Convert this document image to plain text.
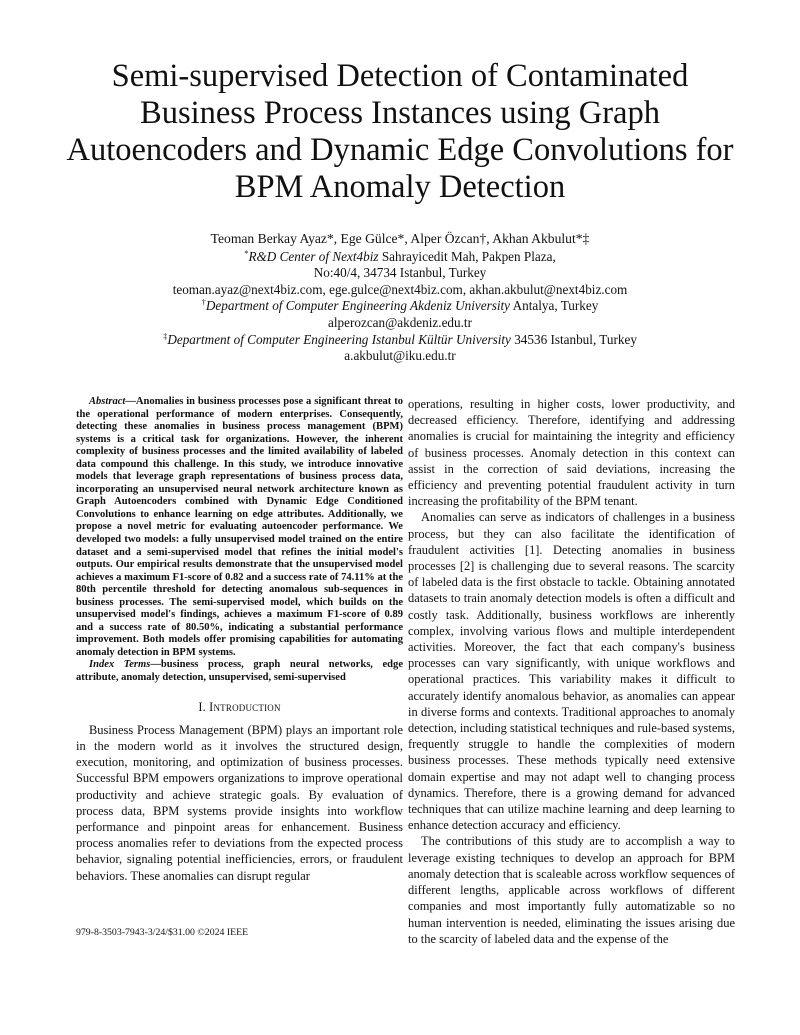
Semi-supervised Detection of Contaminated Business Process Instances using Graph Autoencoders and Dynamic Edge Convolutions for BPM Anomaly Detection
Teoman Berkay Ayaz*, Ege Gülce*, Alper Özcan†, Akhan Akbulut*‡
*R&D Center of Next4biz Sahrayicedit Mah, Pakpen Plaza,
No:40/4, 34734 Istanbul, Turkey
teoman.ayaz@next4biz.com, ege.gulce@next4biz.com, akhan.akbulut@next4biz.com
†Department of Computer Engineering Akdeniz University Antalya, Turkey
alperozcan@akdeniz.edu.tr
‡Department of Computer Engineering Istanbul Kültür University 34536 Istanbul, Turkey
a.akbulut@iku.edu.tr

Abstract—Anomalies in business processes pose a significant threat to the operational performance of modern enterprises. Consequently, detecting these anomalies in business process management (BPM) systems is a critical task for organizations. However, the inherent complexity of business processes and the limited availability of labeled data compound this challenge. In this study, we introduce innovative models that leverage graph representations of business process data, incorporating an unsupervised neural network architecture known as Graph Autoencoders combined with Dynamic Edge Conditioned Convolutions to enhance learning on edge attributes. Additionally, we propose a novel metric for evaluating autoencoder performance. We developed two models: a fully unsupervised model trained on the entire dataset and a semi-supervised model that refines the initial model's outputs. Our empirical results demonstrate that the unsupervised model achieves a maximum F1-score of 0.82 and a success rate of 74.11% at the 80th percentile threshold for detecting anomalous sub-sequences in business processes. The semi-supervised model, which builds on the unsupervised model's findings, achieves a maximum F1-score of 0.89 and a success rate of 80.50%, indicating a substantial performance improvement. Both models offer promising capabilities for automating anomaly detection in BPM systems.

Index Terms—business process, graph neural networks, edge attribute, anomaly detection, unsupervised, semi-supervised

I. Introduction

Business Process Management (BPM) plays an important role in the modern world as it involves the structured design, execution, monitoring, and optimization of business processes. Successful BPM empowers organizations to improve operational productivity and achieve strategic goals. By evaluation of process data, BPM systems provide insights into workflow performance and pinpoint areas for enhancement. Business process anomalies refer to deviations from the expected process behavior, signaling potential inefficiencies, errors, or fraudulent behaviors. These anomalies can disrupt regular

operations, resulting in higher costs, lower productivity, and decreased efficiency. Therefore, identifying and addressing anomalies is crucial for maintaining the integrity and efficiency of business processes. Anomaly detection in this context can assist in the correction of said deviations, increasing the efficiency and preventing potential fraudulent activity in turn increasing the profitability of the BPM tenant.

Anomalies can serve as indicators of challenges in a business process, but they can also facilitate the identification of fraudulent activities [1]. Detecting anomalies in business processes [2] is challenging due to several reasons. The scarcity of labeled data is the first obstacle to tackle. Obtaining annotated datasets to train anomaly detection models is often a difficult and costly task. Additionally, business workflows are inherently complex, involving various flows and multiple interdependent activities. Moreover, the fact that each company's business processes can vary significantly, with unique workflows and operational practices. This variability makes it difficult to accurately identify anomalous behavior, as anomalies can appear in diverse forms and contexts. Traditional approaches to anomaly detection, including statistical techniques and rule-based systems, frequently struggle to handle the complexities of modern business processes. These methods typically need extensive domain expertise and may not adapt well to changing process dynamics. Therefore, there is a growing demand for advanced techniques that can utilize machine learning and deep learning to enhance detection accuracy and efficiency.

The contributions of this study are to accomplish a way to leverage existing techniques to develop an approach for BPM anomaly detection that is scaleable across workflow sequences of different lengths, applicable across workflows of different companies and most importantly fully automatizable so no human intervention is needed, eliminating the issues arising due to the scarcity of labeled data and the expense of the

979-8-3503-7943-3/24/$31.00 ©2024 IEEE
